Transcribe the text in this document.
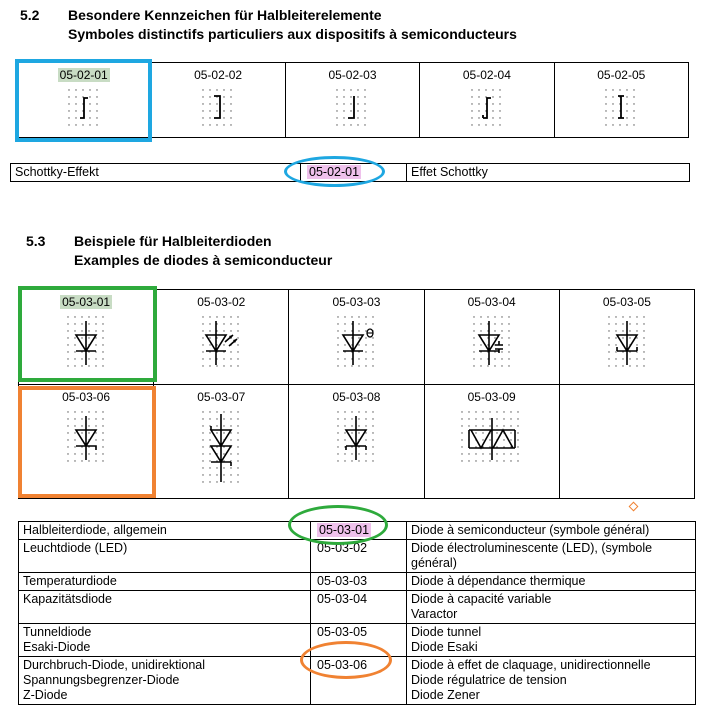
5.2 Besondere Kennzeichen für Halbleiterelemente
Symboles distinctifs particuliers aux dispositifs à semiconducteurs
05-02-01	05-02-02	05-02-03	05-02-04	05-02-05
Schottky-Effekt	05-02-01	Effet Schottky
5.3 Beispiele für Halbleiterdioden
Examples de diodes à semiconducteur
05-03-01	05-03-02	05-03-03	05-03-04	05-03-05

05-03-06	05-03-07	05-03-08	05-03-09

Halbleiterdiode, allgemein	05-03-01	Diode à semiconducteur (symbole général)
Leuchtdiode (LED)	05-03-02	Diode électroluminescente (LED), (symbole
général)
Temperaturdiode	05-03-03	Diode à dépendance thermique
Kapazitätsdiode	05-03-04	Diode à capacité variable
Varactor
Tunneldiode
Esaki-Diode	05-03-05	Diode tunnel
Diode Esaki
Durchbruch-Diode, unidirektional
Spannungsbegrenzer-Diode
Z-Diode	05-03-06	Diode à effet de claquage, unidirectionnelle
Diode régulatrice de tension
Diode Zener
